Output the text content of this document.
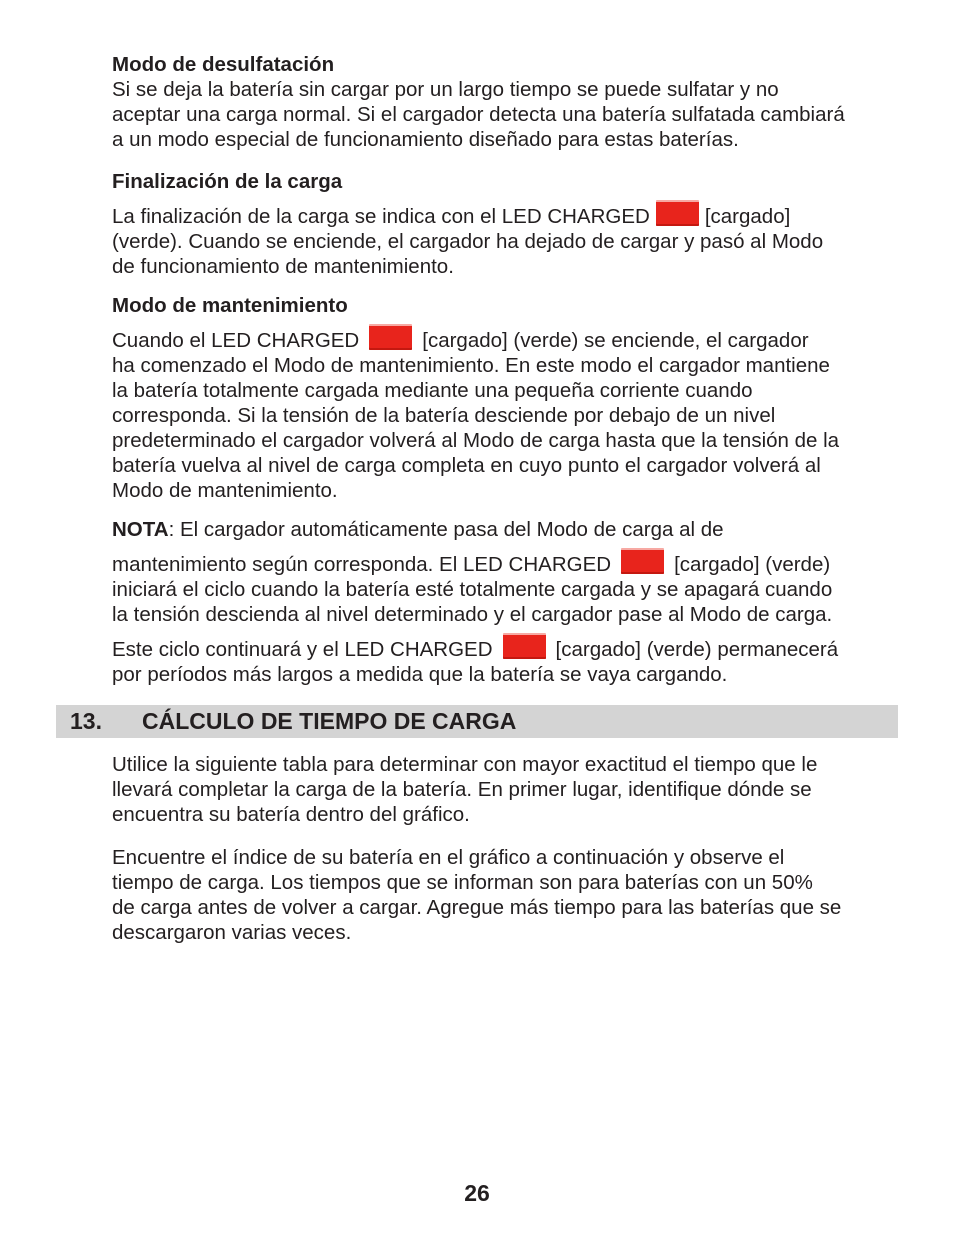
Modo de desulfatación
Si se deja la batería sin cargar por un largo tiempo se puede sulfatar y no
aceptar una carga normal. Si el cargador detecta una batería sulfatada cambiará
a un modo especial de funcionamiento diseñado para estas baterías.
Finalización de la carga
La finalización de la carga se indica con el LED CHARGED	[cargado]
(verde). Cuando se enciende, el cargador ha dejado de cargar y pasó al Modo
de funcionamiento de mantenimiento.
Modo de mantenimiento
Cuando el LED CHARGED	[cargado] (verde) se enciende, el cargador
ha comenzado el Modo de mantenimiento. En este modo el cargador mantiene
la batería totalmente cargada mediante una pequeña corriente cuando
corresponda. Si la tensión de la batería desciende por debajo de un nivel
predeterminado el cargador volverá al Modo de carga hasta que la tensión de la
batería vuelva al nivel de carga completa en cuyo punto el cargador volverá al
Modo de mantenimiento.
NOTA: El cargador automáticamente pasa del Modo de carga al de
mantenimiento según corresponda. El LED CHARGED	[cargado] (verde)
iniciará el ciclo cuando la batería esté totalmente cargada y se apagará cuando
la tensión descienda al nivel determinado y el cargador pase al Modo de carga.
Este ciclo continuará y el LED CHARGED	[cargado] (verde) permanecerá
por períodos más largos a medida que la batería se vaya cargando.
13. CÁLCULO DE TIEMPO DE CARGA
Utilice la siguiente tabla para determinar con mayor exactitud el tiempo que le
llevará completar la carga de la batería. En primer lugar, identifique dónde se
encuentra su batería dentro del gráfico.
Encuentre el índice de su batería en el gráfico a continuación y observe el
tiempo de carga. Los tiempos que se informan son para baterías con un 50%
de carga antes de volver a cargar. Agregue más tiempo para las baterías que se
descargaron varias veces.
26
